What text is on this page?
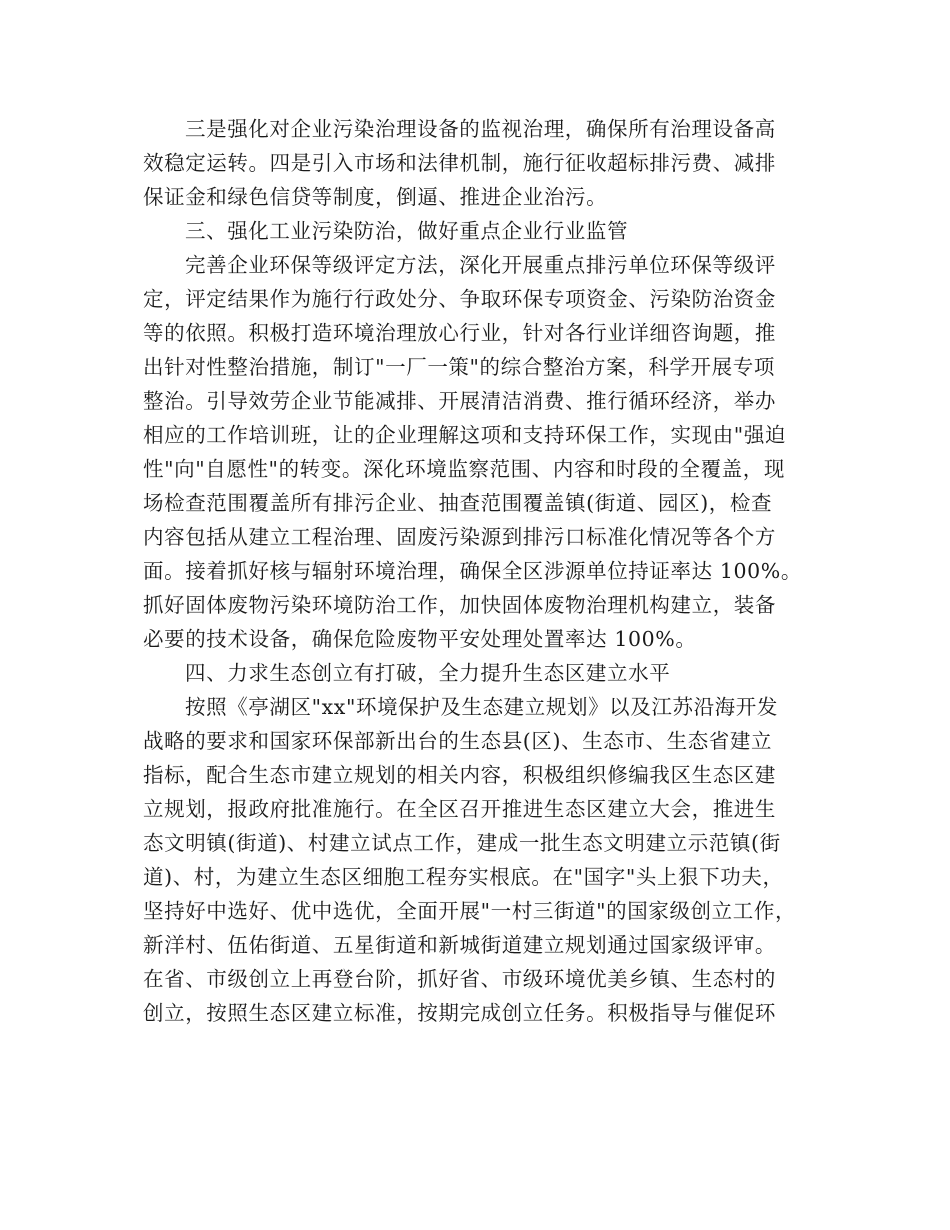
三是强化对企业污染治理设备的监视治理，确保所有治理设备高
效稳定运转。四是引入市场和法律机制，施行征收超标排污费、减排
保证金和绿色信贷等制度，倒逼、推进企业治污。

三、强化工业污染防治，做好重点企业行业监管

完善企业环保等级评定方法，深化开展重点排污单位环保等级评
定，评定结果作为施行行政处分、争取环保专项资金、污染防治资金
等的依照。积极打造环境治理放心行业，针对各行业详细咨询题，推
出针对性整治措施，制订"一厂一策"的综合整治方案，科学开展专项
整治。引导效劳企业节能减排、开展清洁消费、推行循环经济，举办
相应的工作培训班，让的企业理解这项和支持环保工作，实现由"强迫
性"向"自愿性"的转变。深化环境监察范围、内容和时段的全覆盖，现
场检查范围覆盖所有排污企业、抽查范围覆盖镇(街道、园区)，检查
内容包括从建立工程治理、固废污染源到排污口标准化情况等各个方
面。接着抓好核与辐射环境治理，确保全区涉源单位持证率达 100%。
抓好固体废物污染环境防治工作，加快固体废物治理机构建立，装备
必要的技术设备，确保危险废物平安处理处置率达 100%。

四、力求生态创立有打破，全力提升生态区建立水平

按照《亭湖区"xx"环境保护及生态建立规划》以及江苏沿海开发
战略的要求和国家环保部新出台的生态县(区)、生态市、生态省建立
指标，配合生态市建立规划的相关内容，积极组织修编我区生态区建
立规划，报政府批准施行。在全区召开推进生态区建立大会，推进生
态文明镇(街道)、村建立试点工作，建成一批生态文明建立示范镇(街
道)、村，为建立生态区细胞工程夯实根底。在"国字"头上狠下功夫，
坚持好中选好、优中选优，全面开展"一村三街道"的国家级创立工作，
新洋村、伍佑街道、五星街道和新城街道建立规划通过国家级评审。
在省、市级创立上再登台阶，抓好省、市级环境优美乡镇、生态村的
创立，按照生态区建立标准，按期完成创立任务。积极指导与催促环
